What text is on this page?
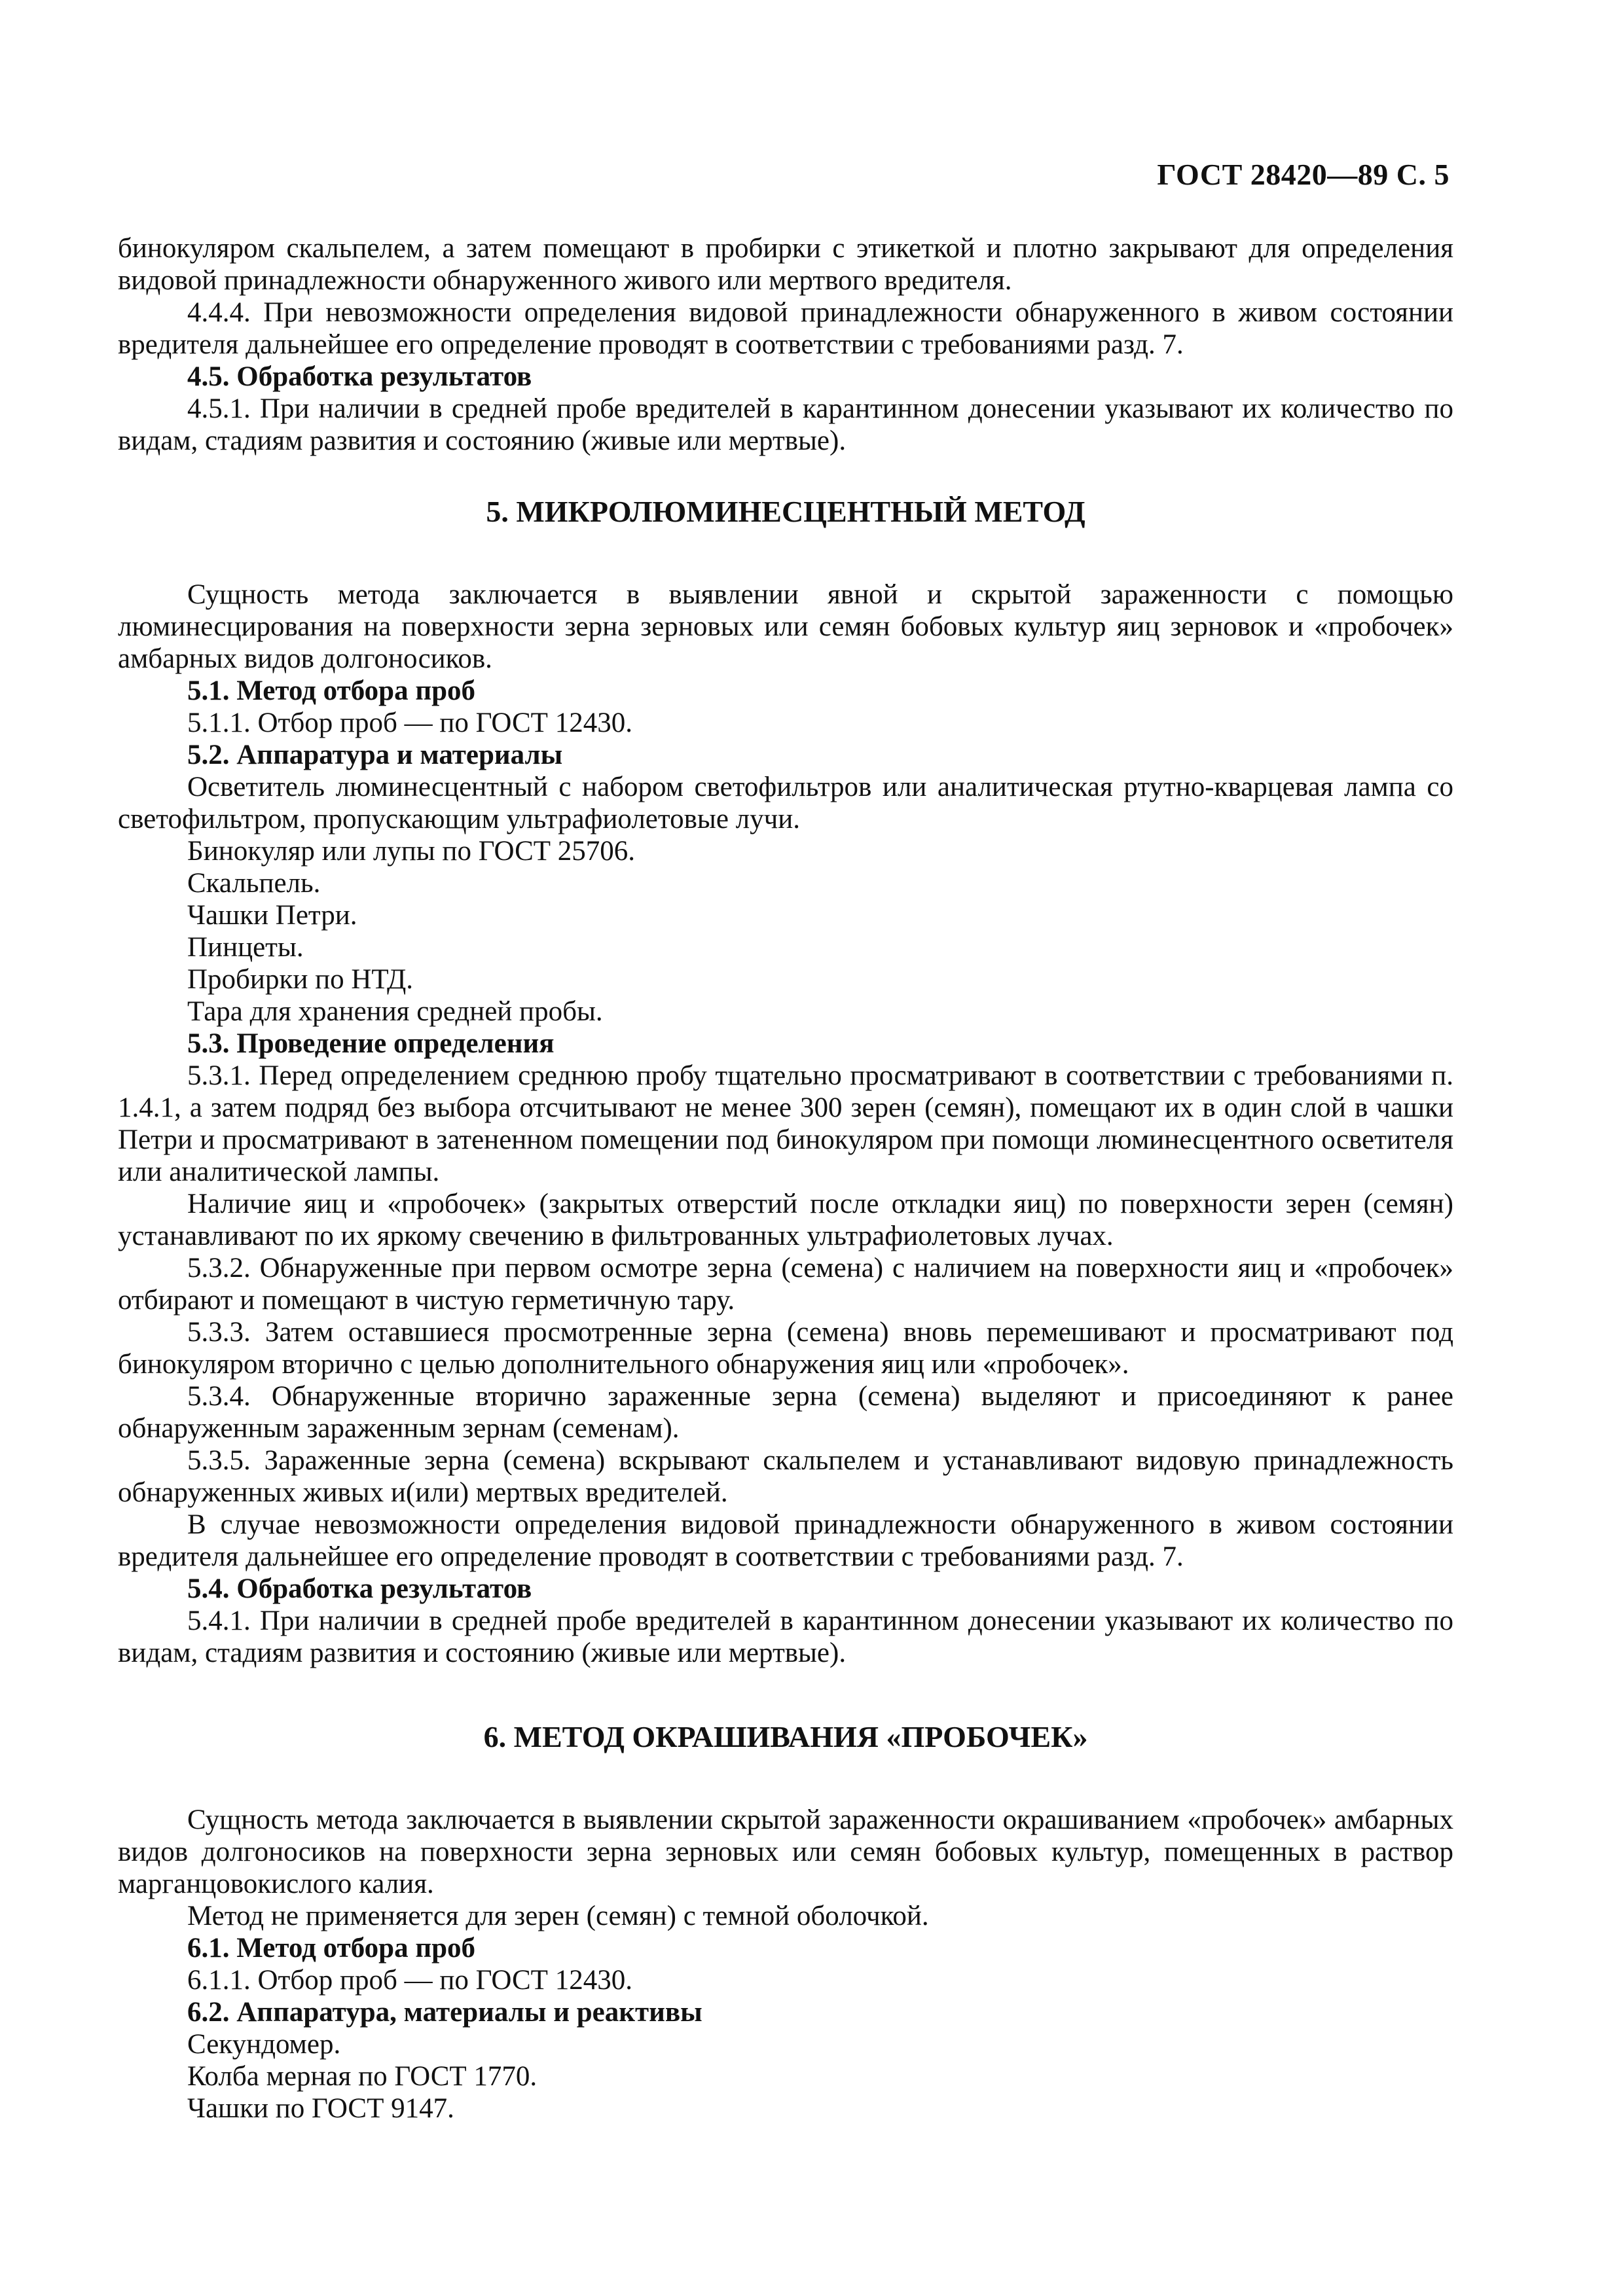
ГОСТ 28420—89 С. 5

бинокуляром скальпелем, а затем помещают в пробирки с этикеткой и плотно закрывают для определения видовой принадлежности обнаруженного живого или мертвого вредителя.

4.4.4. При невозможности определения видовой принадлежности обнаруженного в живом состоянии вредителя дальнейшее его определение проводят в соответствии с требованиями разд. 7.

4.5. Обработка результатов

4.5.1. При наличии в средней пробе вредителей в карантинном донесении указывают их количество по видам, стадиям развития и состоянию (живые или мертвые).

5. МИКРОЛЮМИНЕСЦЕНТНЫЙ МЕТОД

Сущность метода заключается в выявлении явной и скрытой зараженности с помощью люминесцирования на поверхности зерна зерновых или семян бобовых культур яиц зерновок и «пробочек» амбарных видов долгоносиков.

5.1. Метод отбора проб

5.1.1. Отбор проб — по ГОСТ 12430.

5.2. Аппаратура и материалы

Осветитель люминесцентный с набором светофильтров или аналитическая ртутно-кварцевая лампа со светофильтром, пропускающим ультрафиолетовые лучи.

Бинокуляр или лупы по ГОСТ 25706.

Скальпель.

Чашки Петри.

Пинцеты.

Пробирки по НТД.

Тара для хранения средней пробы.

5.3. Проведение определения

5.3.1. Перед определением среднюю пробу тщательно просматривают в соответствии с требованиями п. 1.4.1, а затем подряд без выбора отсчитывают не менее 300 зерен (семян), помещают их в один слой в чашки Петри и просматривают в затененном помещении под бинокуляром при помощи люминесцентного осветителя или аналитической лампы.

Наличие яиц и «пробочек» (закрытых отверстий после откладки яиц) по поверхности зерен (семян) устанавливают по их яркому свечению в фильтрованных ультрафиолетовых лучах.

5.3.2. Обнаруженные при первом осмотре зерна (семена) с наличием на поверхности яиц и «пробочек» отбирают и помещают в чистую герметичную тару.

5.3.3. Затем оставшиеся просмотренные зерна (семена) вновь перемешивают и просматривают под бинокуляром вторично с целью дополнительного обнаружения яиц или «пробочек».

5.3.4. Обнаруженные вторично зараженные зерна (семена) выделяют и присоединяют к ранее обнаруженным зараженным зернам (семенам).

5.3.5. Зараженные зерна (семена) вскрывают скальпелем и устанавливают видовую принадлежность обнаруженных живых и(или) мертвых вредителей.

В случае невозможности определения видовой принадлежности обнаруженного в живом состоянии вредителя дальнейшее его определение проводят в соответствии с требованиями разд. 7.

5.4. Обработка результатов

5.4.1. При наличии в средней пробе вредителей в карантинном донесении указывают их количество по видам, стадиям развития и состоянию (живые или мертвые).

6. МЕТОД ОКРАШИВАНИЯ «ПРОБОЧЕК»

Сущность метода заключается в выявлении скрытой зараженности окрашиванием «пробочек» амбарных видов долгоносиков на поверхности зерна зерновых или семян бобовых культур, помещенных в раствор марганцовокислого калия.

Метод не применяется для зерен (семян) с темной оболочкой.

6.1. Метод отбора проб

6.1.1. Отбор проб — по ГОСТ 12430.

6.2. Аппаратура, материалы и реактивы

Секундомер.

Колба мерная по ГОСТ 1770.

Чашки по ГОСТ 9147.
